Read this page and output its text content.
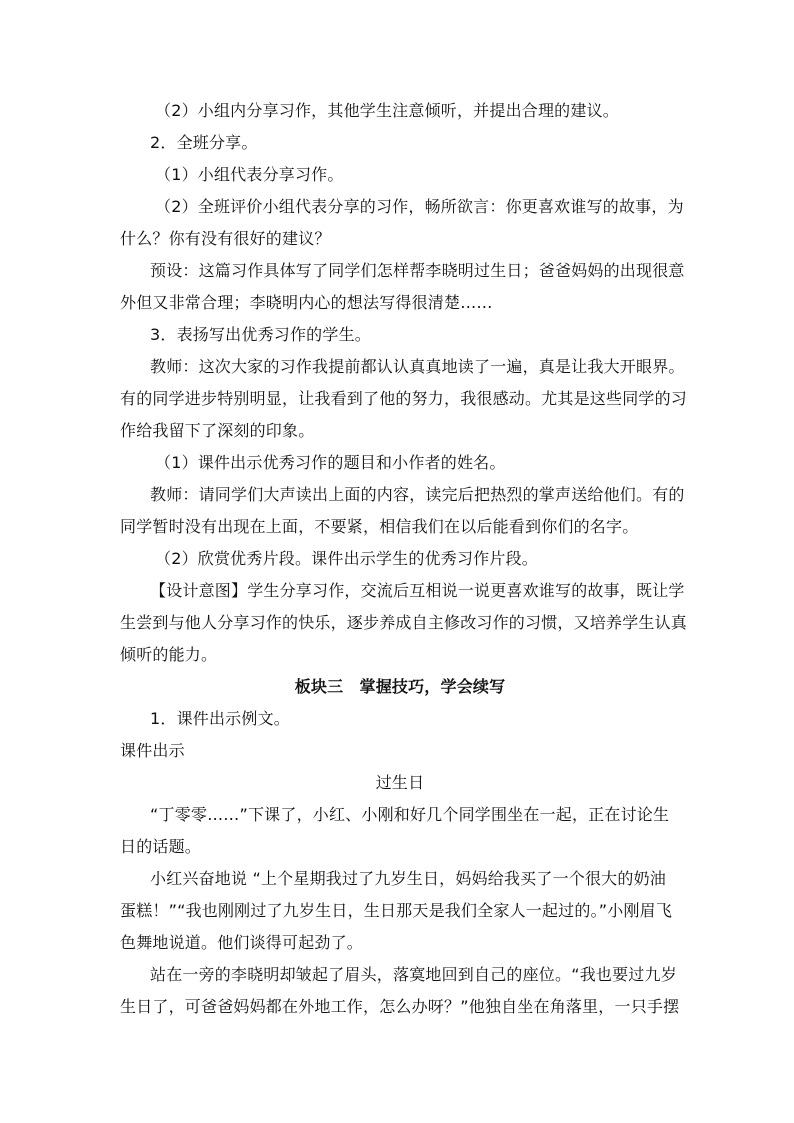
（2）小组内分享习作，其他学生注意倾听，并提出合理的建议。
2．全班分享。
（1）小组代表分享习作。
（2）全班评价小组代表分享的习作，畅所欲言：你更喜欢谁写的故事，为
什么？你有没有很好的建议？
预设：这篇习作具体写了同学们怎样帮李晓明过生日；爸爸妈妈的出现很意
外但又非常合理；李晓明内心的想法写得很清楚……
3．表扬写出优秀习作的学生。
教师：这次大家的习作我提前都认认真真地读了一遍，真是让我大开眼界。
有的同学进步特别明显，让我看到了他的努力，我很感动。尤其是这些同学的习
作给我留下了深刻的印象。
（1）课件出示优秀习作的题目和小作者的姓名。
教师：请同学们大声读出上面的内容，读完后把热烈的掌声送给他们。有的
同学暂时没有出现在上面，不要紧，相信我们在以后能看到你们的名字。
（2）欣赏优秀片段。课件出示学生的优秀习作片段。
【设计意图】学生分享习作，交流后互相说一说更喜欢谁写的故事，既让学
生尝到与他人分享习作的快乐，逐步养成自主修改习作的习惯，又培养学生认真
倾听的能力。
板块三　掌握技巧，学会续写
1．课件出示例文。
课件出示
过生日
“丁零零……”下课了，小红、小刚和好几个同学围坐在一起，正在讨论生
日的话题。
小红兴奋地说 “上个星期我过了九岁生日，妈妈给我买了一个很大的奶油
蛋糕！”“我也刚刚过了九岁生日，生日那天是我们全家人一起过的。”小刚眉飞
色舞地说道。他们谈得可起劲了。
站在一旁的李晓明却皱起了眉头，落寞地回到自己的座位。“我也要过九岁
生日了，可爸爸妈妈都在外地工作，怎么办呀？”他独自坐在角落里，一只手摆
